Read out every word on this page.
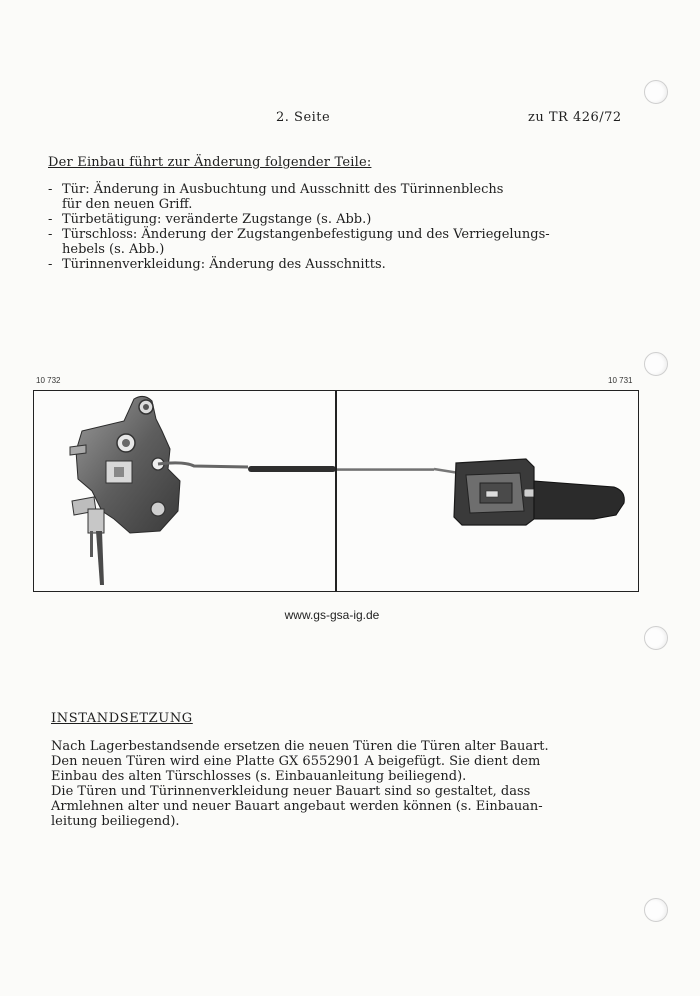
2. Seite	zu TR 426/72
Der Einbau führt zur Änderung folgender Teile:
- Tür: Änderung in Ausbuchtung und Ausschnitt des Türinnenblechs
für den neuen Griff.
- Türbetätigung: veränderte Zugstange (s. Abb.)
- Türschloss: Änderung der Zugstangenbefestigung und des Verriegelungs-
hebels (s. Abb.)
- Türinnenverkleidung: Änderung des Ausschnitts.
10 732	10 731
www.gs-gsa-ig.de
INSTANDSETZUNG
Nach Lagerbestandsende ersetzen die neuen Türen die Türen alter Bauart.
Den neuen Türen wird eine Platte GX 6552901 A beigefügt. Sie dient dem
Einbau des alten Türschlosses (s. Einbauanleitung beiliegend).
Die Türen und Türinnenverkleidung neuer Bauart sind so gestaltet, dass
Armlehnen alter und neuer Bauart angebaut werden können (s. Einbauan-
leitung beiliegend).
